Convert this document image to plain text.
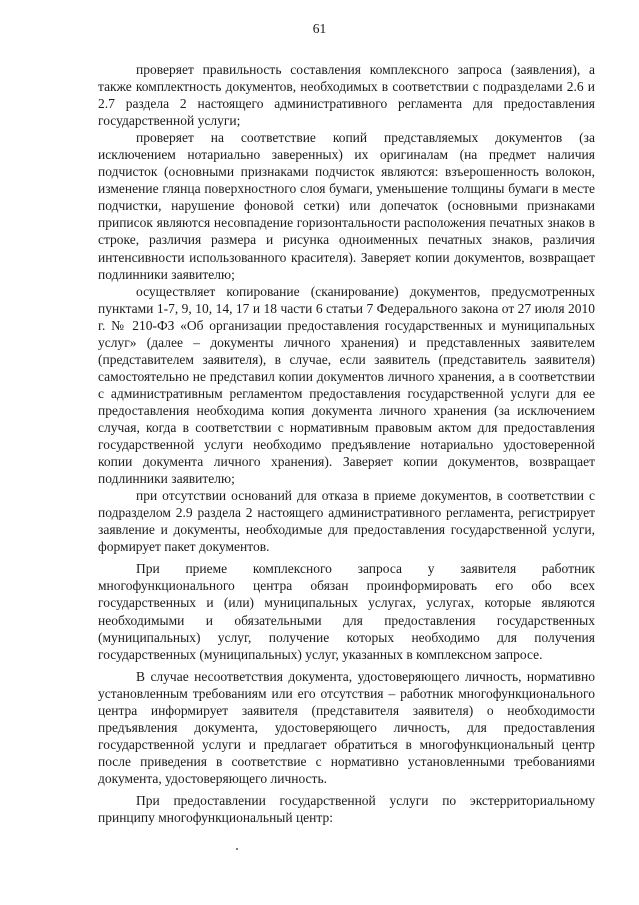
61

проверяет правильность составления комплексного запроса (заявления), а также комплектность документов, необходимых в соответствии с подразделами 2.6 и 2.7 раздела 2 настоящего административного регламента для предоставления государственной услуги;

проверяет на соответствие копий представляемых документов (за исключением нотариально заверенных) их оригиналам (на предмет наличия подчисток (основными признаками подчисток являются: взъерошенность волокон, изменение глянца поверхностного слоя бумаги, уменьшение толщины бумаги в месте подчистки, нарушение фоновой сетки) или допечаток (основными признаками приписок являются несовпадение горизонтальности расположения печатных знаков в строке, различия размера и рисунка одноименных печатных знаков, различия интенсивности использованного красителя). Заверяет копии документов, возвращает подлинники заявителю;

осуществляет копирование (сканирование) документов, предусмотренных пунктами 1-7, 9, 10, 14, 17 и 18 части 6 статьи 7 Федерального закона от 27 июля 2010 г. № 210-ФЗ «Об организации предоставления государственных и муниципальных услуг» (далее – документы личного хранения) и представленных заявителем (представителем заявителя), в случае, если заявитель (представитель заявителя) самостоятельно не представил копии документов личного хранения, а в соответствии с административным регламентом предоставления государственной услуги для ее предоставления необходима копия документа личного хранения (за исключением случая, когда в соответствии с нормативным правовым актом для предоставления государственной услуги необходимо предъявление нотариально удостоверенной копии документа личного хранения). Заверяет копии документов, возвращает подлинники заявителю;

при отсутствии оснований для отказа в приеме документов, в соответствии с подразделом 2.9 раздела 2 настоящего административного регламента, регистрирует заявление и документы, необходимые для предоставления государственной услуги, формирует пакет документов.

При приеме комплексного запроса у заявителя работник многофункционального центра обязан проинформировать его обо всех государственных и (или) муниципальных услугах, услугах, которые являются необходимыми и обязательными для предоставления государственных (муниципальных) услуг, получение которых необходимо для получения государственных (муниципальных) услуг, указанных в комплексном запросе.

В случае несоответствия документа, удостоверяющего личность, нормативно установленным требованиям или его отсутствия – работник многофункционального центра информирует заявителя (представителя заявителя) о необходимости предъявления документа, удостоверяющего личность, для предоставления государственной услуги и предлагает обратиться в многофункциональный центр после приведения в соответствие с нормативно установленными требованиями документа, удостоверяющего личность.

При предоставлении государственной услуги по экстерриториальному принципу многофункциональный центр:
